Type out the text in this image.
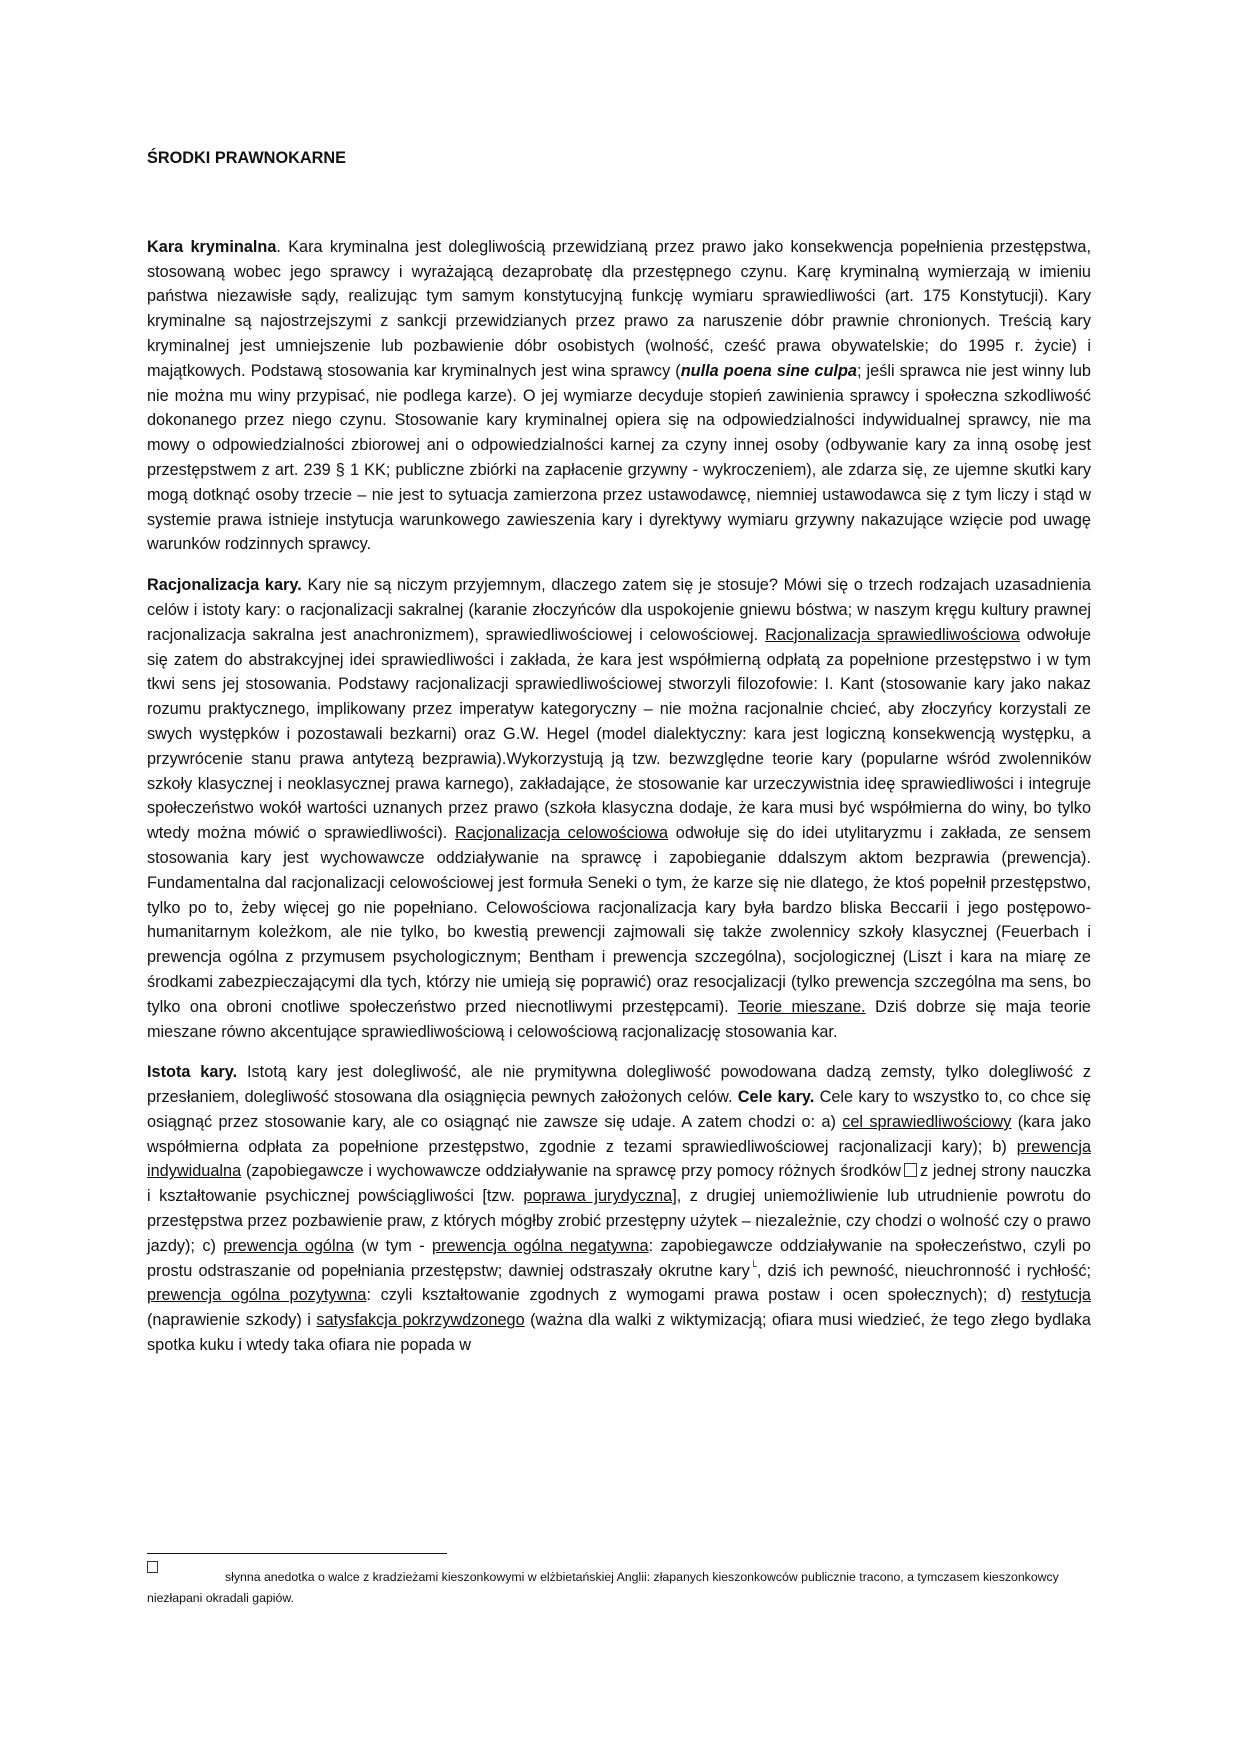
ŚRODKI PRAWNOKARNE

Kara kryminalna. Kara kryminalna jest dolegliwością przewidzianą przez prawo jako konsekwencja popełnienia przestępstwa, stosowaną wobec jego sprawcy i wyrażającą dezaprobatę dla przestępnego czynu. Karę kryminalną wymierzają w imieniu państwa niezawisłe sądy, realizując tym samym konstytucyjną funkcję wymiaru sprawiedliwości (art. 175 Konstytucji). Kary kryminalne są najostrzejszymi z sankcji przewidzianych przez prawo za naruszenie dóbr prawnie chronionych. Treścią kary kryminalnej jest umniejszenie lub pozbawienie dóbr osobistych (wolność, cześć prawa obywatelskie; do 1995 r. życie) i majątkowych. Podstawą stosowania kar kryminalnych jest wina sprawcy (nulla poena sine culpa; jeśli sprawca nie jest winny lub nie można mu winy przypisać, nie podlega karze). O jej wymiarze decyduje stopień zawinienia sprawcy i społeczna szkodliwość dokonanego przez niego czynu. Stosowanie kary kryminalnej opiera się na odpowiedzialności indywidualnej sprawcy, nie ma mowy o odpowiedzialności zbiorowej ani o odpowiedzialności karnej za czyny innej osoby (odbywanie kary za inną osobę jest przestępstwem z art. 239 § 1 KK; publiczne zbiórki na zapłacenie grzywny - wykroczeniem), ale zdarza się, ze ujemne skutki kary mogą dotknąć osoby trzecie – nie jest to sytuacja zamierzona przez ustawodawcę, niemniej ustawodawca się z tym liczy i stąd w systemie prawa istnieje instytucja warunkowego zawieszenia kary i dyrektywy wymiaru grzywny nakazujące wzięcie pod uwagę warunków rodzinnych sprawcy.

Racjonalizacja kary. Kary nie są niczym przyjemnym, dlaczego zatem się je stosuje? Mówi się o trzech rodzajach uzasadnienia celów i istoty kary: o racjonalizacji sakralnej (karanie złoczyńców dla uspokojenie gniewu bóstwa; w naszym kręgu kultury prawnej racjonalizacja sakralna jest anachronizmem), sprawiedliwościowej i celowościowej. Racjonalizacja sprawiedliwościowa odwołuje się zatem do abstrakcyjnej idei sprawiedliwości i zakłada, że kara jest współmierną odpłatą za popełnione przestępstwo i w tym tkwi sens jej stosowania. Podstawy racjonalizacji sprawiedliwościowej stworzyli filozofowie: I. Kant (stosowanie kary jako nakaz rozumu praktycznego, implikowany przez imperatyw kategoryczny – nie można racjonalnie chcieć, aby złoczyńcy korzystali ze swych występków i pozostawali bezkarni) oraz G.W. Hegel (model dialektyczny: kara jest logiczną konsekwencją występku, a przywrócenie stanu prawa antytezą bezprawia).Wykorzystują ją tzw. bezwzględne teorie kary (popularne wśród zwolenników szkoły klasycznej i neoklasycznej prawa karnego), zakładające, że stosowanie kar urzeczywistnia ideę sprawiedliwości i integruje społeczeństwo wokół wartości uznanych przez prawo (szkoła klasyczna dodaje, że kara musi być współmierna do winy, bo tylko wtedy można mówić o sprawiedliwości). Racjonalizacja celowościowa odwołuje się do idei utylitaryzmu i zakłada, ze sensem stosowania kary jest wychowawcze oddziaływanie na sprawcę i zapobieganie ddalszym aktom bezprawia (prewencja). Fundamentalna dal racjonalizacji celowościowej jest formuła Seneki o tym, że karze się nie dlatego, że ktoś popełnił przestępstwo, tylko po to, żeby więcej go nie popełniano. Celowościowa racjonalizacja kary była bardzo bliska Beccarii i jego postępowo-humanitarnym koleżkom, ale nie tylko, bo kwestią prewencji zajmowali się także zwolennicy szkoły klasycznej (Feuerbach i prewencja ogólna z przymusem psychologicznym; Bentham i prewencja szczególna), socjologicznej (Liszt i kara na miarę ze środkami zabezpieczającymi dla tych, którzy nie umieją się poprawić) oraz resocjalizacji (tylko prewencja szczególna ma sens, bo tylko ona obroni cnotliwe społeczeństwo przed niecnotliwymi przestępcami). Teorie mieszane. Dziś dobrze się maja teorie mieszane równo akcentujące sprawiedliwościową i celowościową racjonalizację stosowania kar.

Istota kary. Istotą kary jest dolegliwość, ale nie prymitywna dolegliwość powodowana dadzą zemsty, tylko dolegliwość z przesłaniem, dolegliwość stosowana dla osiągnięcia pewnych założonych celów. Cele kary. Cele kary to wszystko to, co chce się osiągnąć przez stosowanie kary, ale co osiągnąć nie zawsze się udaje. A zatem chodzi o: a) cel sprawiedliwościowy (kara jako współmierna odpłata za popełnione przestępstwo, zgodnie z tezami sprawiedliwościowej racjonalizacji kary); b) prewencja indywidualna (zapobiegawcze i wychowawcze oddziaływanie na sprawcę przy pomocy różnych środków z jednej strony nauczka i kształtowanie psychicznej powściągliwości [tzw. poprawa jurydyczna], z drugiej uniemożliwienie lub utrudnienie powrotu do przestępstwa przez pozbawienie praw, z których mógłby zrobić przestępny użytek – niezależnie, czy chodzi o wolność czy o prawo jazdy); c) prewencja ogólna (w tym - prewencja ogólna negatywna: zapobiegawcze oddziaływanie na społeczeństwo, czyli po prostu odstraszanie od popełniania przestępstw; dawniej odstraszały okrutne kary└, dziś ich pewność, nieuchronność i rychłość; prewencja ogólna pozytywna: czyli kształtowanie zgodnych z wymogami prawa postaw i ocen społecznych); d) restytucja (naprawienie szkody) i satysfakcja pokrzywdzonego (ważna dla walki z wiktymizacją; ofiara musi wiedzieć, że tego złego bydlaka spotka kuku i wtedy taka ofiara nie popada w

słynna anedotka o walce z kradzieżami kieszonkowymi w elżbietańskiej Anglii: złapanych kieszonkowców publicznie tracono, a tymczasem kieszonkowcy niezłapani okradali gapiów.
